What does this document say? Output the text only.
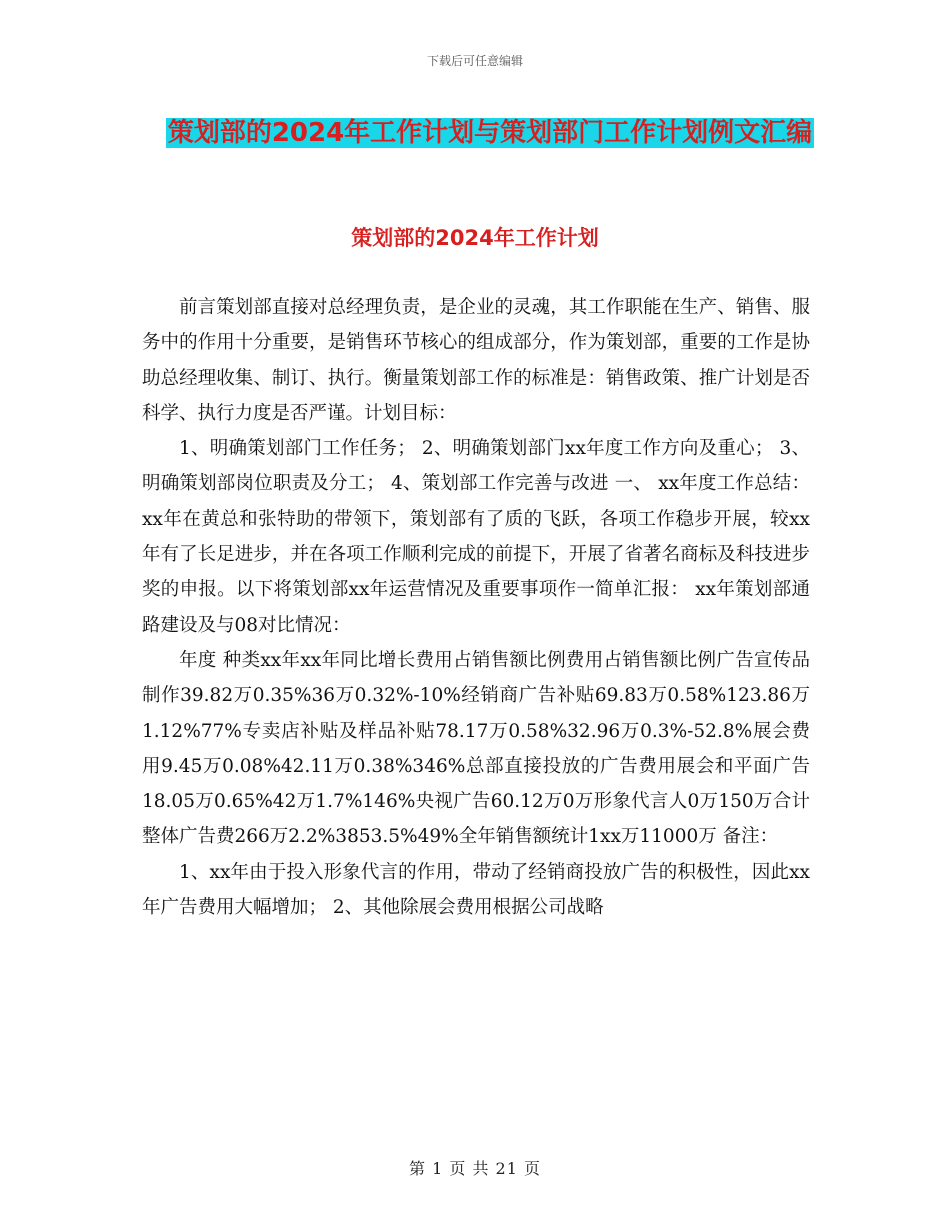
下载后可任意编辑
策划部的2024年工作计划与策划部门工作计划例文汇编
策划部的2024年工作计划

前言策划部直接对总经理负责，是企业的灵魂，其工作职能在生产、销售、服务中的作用十分重要，是销售环节核心的组成部分，作为策划部，重要的工作是协助总经理收集、制订、执行。衡量策划部工作的标准是：销售政策、推广计划是否科学、执行力度是否严谨。计划目标：

1、明确策划部门工作任务； 2、明确策划部门xx年度工作方向及重心； 3、明确策划部岗位职责及分工； 4、策划部工作完善与改进 一、 xx年度工作总结： xx年在黄总和张特助的带领下，策划部有了质的飞跃，各项工作稳步开展，较xx年有了长足进步，并在各项工作顺利完成的前提下，开展了省著名商标及科技进步奖的申报。以下将策划部xx年运营情况及重要事项作一简单汇报： xx年策划部通路建设及与08对比情况：

年度 种类xx年xx年同比增长费用占销售额比例费用占销售额比例广告宣传品制作39.82万0.35%36万0.32%-10%经销商广告补贴69.83万0.58%123.86万1.12%77%专卖店补贴及样品补贴78.17万0.58%32.96万0.3%-52.8%展会费用9.45万0.08%42.11万0.38%346%总部直接投放的广告费用展会和平面广告18.05万0.65%42万1.7%146%央视广告60.12万0万形象代言人0万150万合计整体广告费266万2.2%3853.5%49%全年销售额统计1xx万11000万 备注：

1、xx年由于投入形象代言的作用，带动了经销商投放广告的积极性，因此xx年广告费用大幅增加； 2、其他除展会费用根据公司战略

第 1 页 共 21 页
